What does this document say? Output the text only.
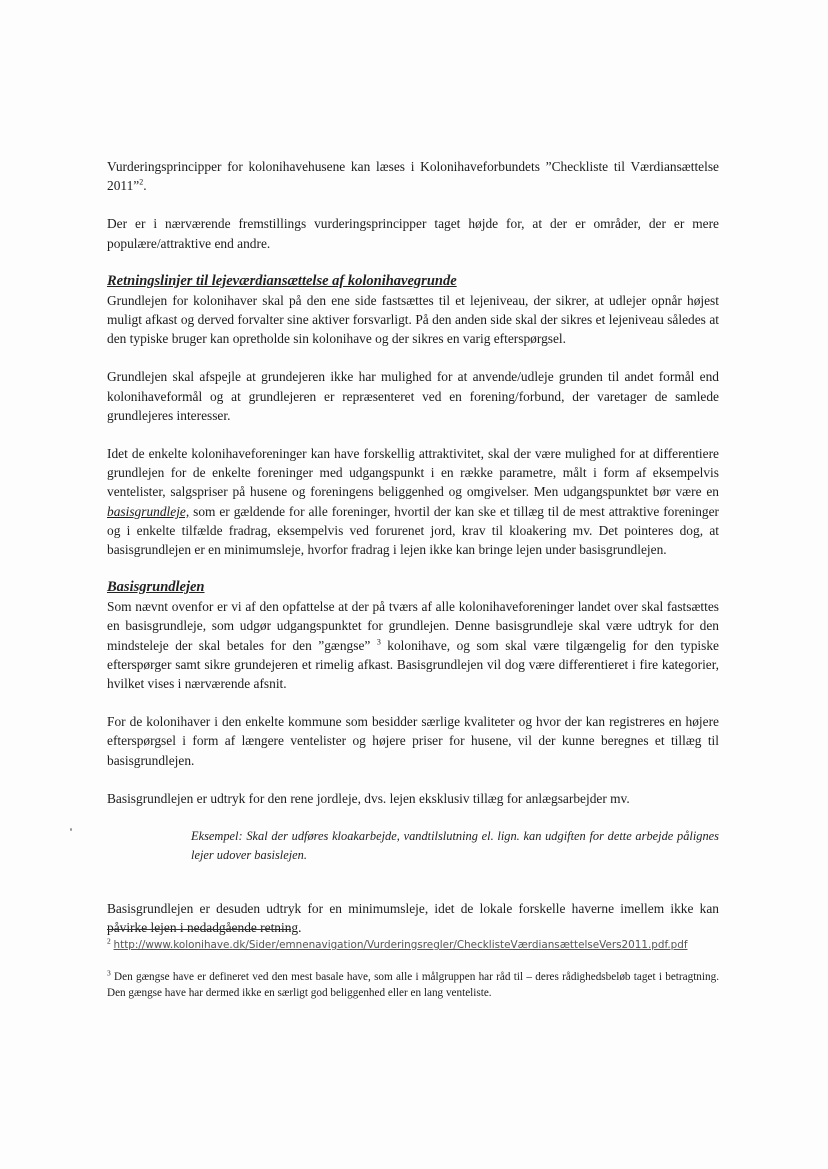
Vurderingsprincipper for kolonihavehusene kan læses i Kolonihaveforbundets ”Checkliste til Værdiansættelse 2011”$^2$.

Der er i nærværende fremstillings vurderingsprincipper taget højde for, at der er områder, der er mere populære/attraktive end andre.

Retningslinjer til lejeværdiansættelse af kolonihavegrunde

Grundlejen for kolonihaver skal på den ene side fastsættes til et lejeniveau, der sikrer, at udlejer opnår højest muligt afkast og derved forvalter sine aktiver forsvarligt. På den anden side skal der sikres et lejeniveau således at den typiske bruger kan opretholde sin kolonihave og der sikres en varig efterspørgsel.

Grundlejen skal afspejle at grundejeren ikke har mulighed for at anvende/udleje grunden til andet formål end kolonihaveformål og at grundlejeren er repræsenteret ved en forening/forbund, der varetager de samlede grundlejeres interesser.

Idet de enkelte kolonihaveforeninger kan have forskellig attraktivitet, skal der være mulighed for at differentiere grundlejen for de enkelte foreninger med udgangspunkt i en række parametre, målt i form af eksempelvis ventelister, salgspriser på husene og foreningens beliggenhed og omgivelser. Men udgangspunktet bør være en basisgrundleje, som er gældende for alle foreninger, hvortil der kan ske et tillæg til de mest attraktive foreninger og i enkelte tilfælde fradrag, eksempelvis ved forurenet jord, krav til kloakering mv. Det pointeres dog, at basisgrundlejen er en minimumsleje, hvorfor fradrag i lejen ikke kan bringe lejen under basisgrundlejen.

Basisgrundlejen

Som nævnt ovenfor er vi af den opfattelse at der på tværs af alle kolonihaveforeninger landet over skal fastsættes en basisgrundleje, som udgør udgangspunktet for grundlejen. Denne basisgrundleje skal være udtryk for den mindsteleje der skal betales for den ”gængse” $^3$ kolonihave, og som skal være tilgængelig for den typiske efterspørger samt sikre grundejeren et rimelig afkast. Basisgrundlejen vil dog være differentieret i fire kategorier, hvilket vises i nærværende afsnit.

For de kolonihaver i den enkelte kommune som besidder særlige kvaliteter og hvor der kan registreres en højere efterspørgsel i form af længere ventelister og højere priser for husene, vil der kunne beregnes et tillæg til basisgrundlejen.

Basisgrundlejen er udtryk for den rene jordleje, dvs. lejen eksklusiv tillæg for anlægsarbejder mv.

Eksempel: Skal der udføres kloakarbejde, vandtilslutning el. lign. kan udgiften for dette arbejde pålignes lejer udover basislejen.

Basisgrundlejen er desuden udtryk for en minimumsleje, idet de lokale forskelle haverne imellem ikke kan påvirke lejen i nedadgående retning.

$^2$ http://www.kolonihave.dk/Sider/emnenavigation/Vurderingsregler/ChecklisteVærdiansættelseVers2011.pdf.pdf
$^3$ Den gængse have er defineret ved den mest basale have, som alle i målgruppen har råd til – deres rådighedsbeløb taget i betragtning. Den gængse have har dermed ikke en særligt god beliggenhed eller en lang venteliste.
